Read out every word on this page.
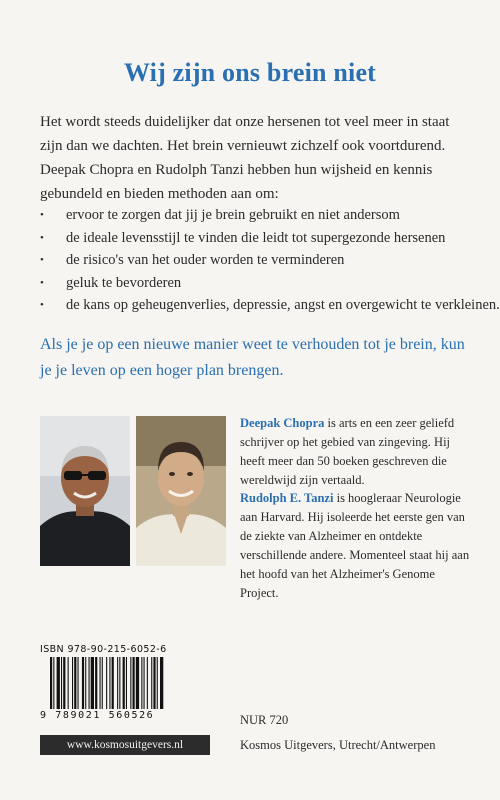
Wij zijn ons brein niet

Het wordt steeds duidelijker dat onze hersenen tot veel meer in staat zijn dan we dachten. Het brein vernieuwt zichzelf ook voortdurend. Deepak Chopra en Rudolph Tanzi hebben hun wijsheid en kennis gebundeld en bieden methoden aan om:

• ervoor te zorgen dat jij je brein gebruikt en niet andersom
• de ideale levensstijl te vinden die leidt tot supergezonde hersenen
• de risico's van het ouder worden te verminderen
• geluk te bevorderen
• de kans op geheugenverlies, depressie, angst en overgewicht te verkleinen.

Als je je op een nieuwe manier weet te verhouden tot je brein, kun je je leven op een hoger plan brengen.

Deepak Chopra is arts en een zeer geliefd schrijver op het gebied van zingeving. Hij heeft meer dan 50 boeken geschreven die wereldwijd zijn vertaald.

Rudolph E. Tanzi is hoogleraar Neurologie aan Harvard. Hij isoleerde het eerste gen van de ziekte van Alzheimer en ontdekte verschillende andere. Momenteel staat hij aan het hoofd van het Alzheimer's Genome Project.

ISBN 978-90-215-6052-6
9 789021 560526
www.kosmosuitgevers.nl
NUR 720
Kosmos Uitgevers, Utrecht/Antwerpen
